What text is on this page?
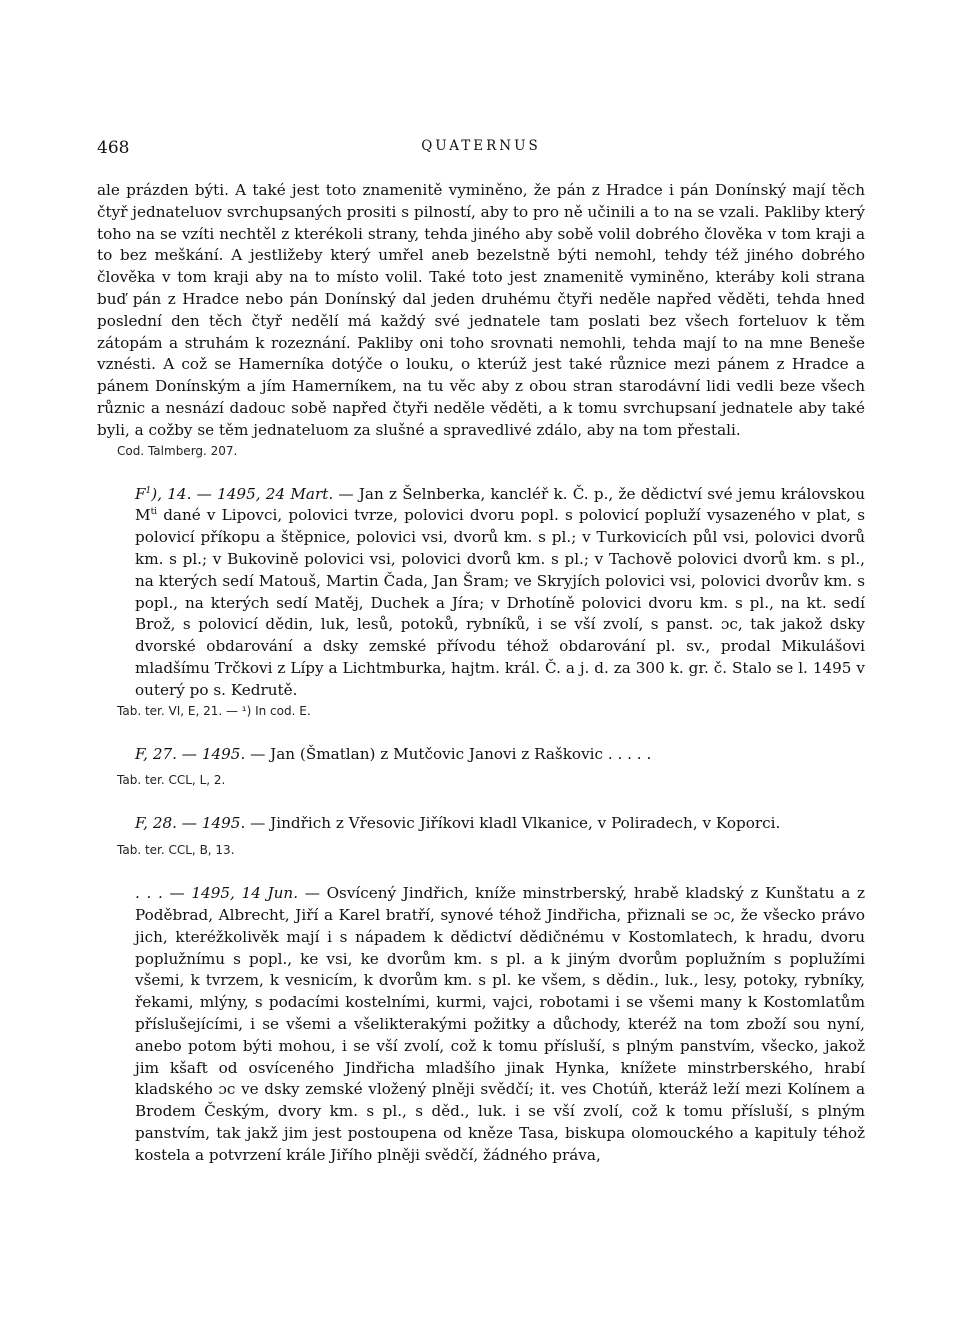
468	QUATERNUS

ale prázden býti. A také jest toto znamenitě vyminěno, že pán z Hradce i pán Donínský mají těch čtyř jednateluov svrchupsaných prositi s pilností, aby to pro ně učinili a to na se vzali. Pakliby který toho na se vzíti nechtěl z kterékoli strany, tehda jiného aby sobě volil dobrého člověka v tom kraji a to bez meškání. A jestližeby který umřel aneb bezelstně býti nemohl, tehdy též jiného dobrého člověka v tom kraji aby na to místo volil. Také toto jest znamenitě vyminěno, kteráby koli strana buď pán z Hradce nebo pán Donínský dal jeden druhému čtyři neděle napřed věděti, tehda hned poslední den těch čtyř nedělí má každý své jednatele tam poslati bez všech forteluov k těm zátopám a struhám k rozeznání. Pakliby oni toho srovnati nemohli, tehda mají to na mne Beneše vznésti. A což se Hamerníka dotýče o louku, o kterúž jest také různice mezi pánem z Hradce a pánem Donínským a jím Hamerníkem, na tu věc aby z obou stran starodávní lidi vedli beze všech různic a nesnází dadouc sobě napřed čtyři neděle věděti, a k tomu svrchupsaní jednatele aby také byli, a cožby se těm jednateluom za slušné a spravedlivé zdálo, aby na tom přestali.

Cod. Talmberg. 207.

$F^1$), 14. — 1495, 24 Mart. — Jan z Šelnberka, kancléř k. Č. p., že dědictví své jemu královskou $M^{ti}$ dané v Lipovci, polovici tvrze, polovici dvoru popl. s polovicí popluží vysazeného v plat, s polovicí příkopu a štěpnice, polovici vsi, dvorů km. s pl.; v Turkovicích půl vsi, polovici dvorů km. s pl.; v Bukovině polovici vsi, polovici dvorů km. s pl.; v Tachově polovici dvorů km. s pl., na kterých sedí Matouš, Martin Čada, Jan Šram; ve Skryjích polovici vsi, polovici dvorův km. s popl., na kterých sedí Matěj, Duchek a Jíra; v Drhotíně polovici dvoru km. s pl., na kt. sedí Brož, s polovicí dědin, luk, lesů, potoků, rybníků, i se vší zvolí, s panst. ɔc, tak jakož dsky dvorské obdarování a dsky zemské přívodu téhož obdarování pl. sv., prodal Mikulášovi mladšímu Trčkovi z Lípy a Lichtmburka, hajtm. král. Č. a j. d. za 300 k. gr. č. Stalo se l. 1495 v outerý po s. Kedrutě.

Tab. ter. VI, E, 21. — ¹) In cod. E.

F, 27. — 1495. — Jan (Šmatlan) z Mutčovic Janovi z Raškovic . . . . .

Tab. ter. CCL, L, 2.

F, 28. — 1495. — Jindřich z Vřesovic Jiříkovi kladl Vlkanice, v Poliradech, v Koporci.

Tab. ter. CCL, B, 13.

. . . — 1495, 14 Jun. — Osvícený Jindřich, kníže minstrberský, hrabě kladský z Kunštatu a z Poděbrad, Albrecht, Jiří a Karel bratří, synové téhož Jindřicha, přiznali se ɔc, že všecko právo jich, kteréžkolivěk mají i s nápadem k dědictví dědičnému v Kostomlatech, k hradu, dvoru poplužnímu s popl., ke vsi, ke dvorům km. s pl. a k jiným dvorům poplužním s poplužími všemi, k tvrzem, k vesnicím, k dvorům km. s pl. ke všem, s dědin., luk., lesy, potoky, rybníky, řekami, mlýny, s podacími kostelními, kurmi, vajci, robotami i se všemi many k Kostomlatům příslušejícími, i se všemi a všelikterakými požitky a důchody, kteréž na tom zboží sou nyní, anebo potom býti mohou, i se vší zvolí, což k tomu přísluší, s plným panstvím, všecko, jakož jim kšaft od osvíceného Jindřicha mladšího jinak Hynka, knížete minstrberského, hrabí kladského ɔc ve dsky zemské vložený plněji svědčí; it. ves Chotúň, kteráž leží mezi Kolínem a Brodem Českým, dvory km. s pl., s děd., luk. i se vší zvolí, což k tomu přísluší, s plným panstvím, tak jakž jim jest postoupena od kněze Tasa, biskupa olomouckého a kapituly téhož kostela a potvrzení krále Jiřího plněji svědčí, žádného práva,
